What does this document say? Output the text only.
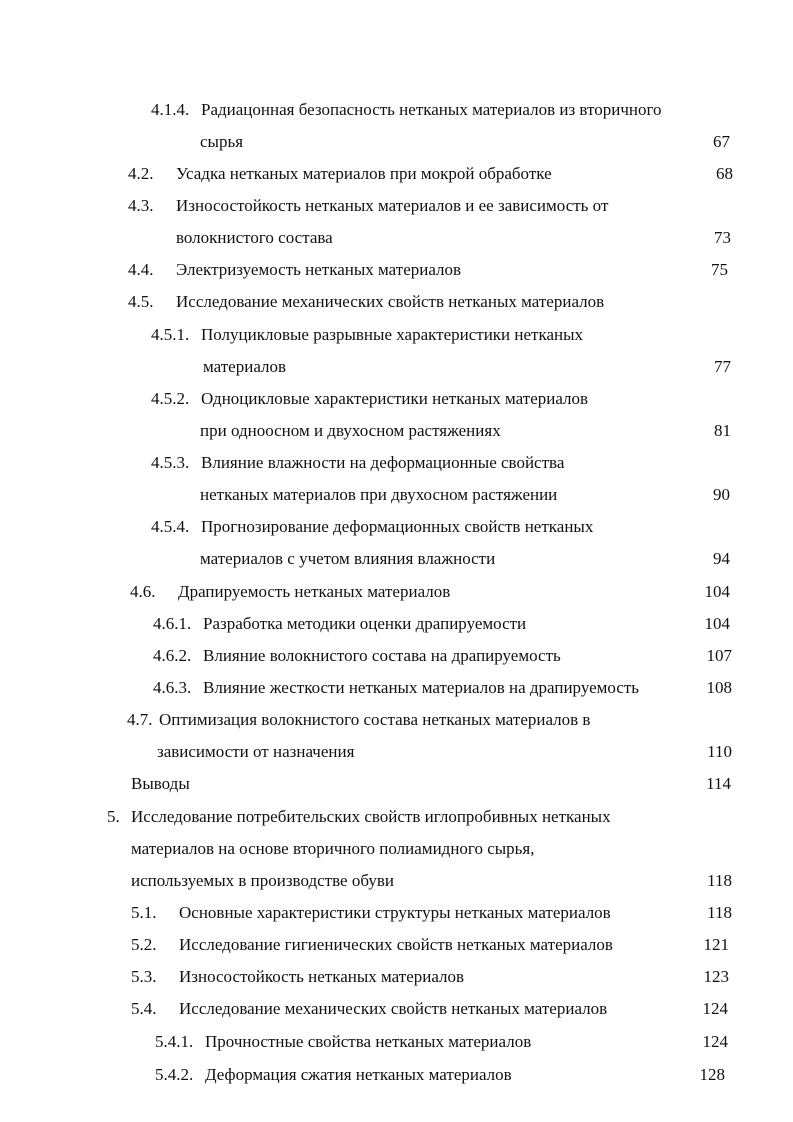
4.1.4. Радиацонная безопасность нетканых материалов из вторичного
сырья	67
4.2. Усадка нетканых материалов при мокрой обработке	68
4.3. Износостойкость нетканых материалов и ее зависимость от
волокнистого состава	73
4.4. Электризуемость нетканых материалов	75
4.5. Исследование механических свойств нетканых материалов
4.5.1. Полуцикловые разрывные характеристики нетканых
материалов	77
4.5.2. Одноцикловые характеристики нетканых материалов
при одноосном и двухосном растяжениях	81
4.5.3. Влияние влажности на деформационные свойства
нетканых материалов при двухосном растяжении	90
4.5.4. Прогнозирование деформационных свойств нетканых
материалов с учетом влияния влажности	94
4.6. Драпируемость нетканых материалов	104
4.6.1. Разработка методики оценки драпируемости	104
4.6.2. Влияние волокнистого состава на драпируемость	107
4.6.3. Влияние жесткости нетканых материалов на драпируемость	108
4.7. Оптимизация волокнистого состава нетканых материалов в
зависимости от назначения	110
Выводы	114
5. Исследование потребительских свойств иглопробивных нетканых
материалов на основе вторичного полиамидного сырья,
используемых в производстве обуви	118
5.1. Основные характеристики структуры нетканых материалов	118
5.2. Исследование гигиенических свойств нетканых материалов	121
5.3. Износостойкость нетканых материалов	123
5.4. Исследование механических свойств нетканых материалов	124
5.4.1. Прочностные свойства нетканых материалов	124
5.4.2. Деформация сжатия нетканых материалов	128
